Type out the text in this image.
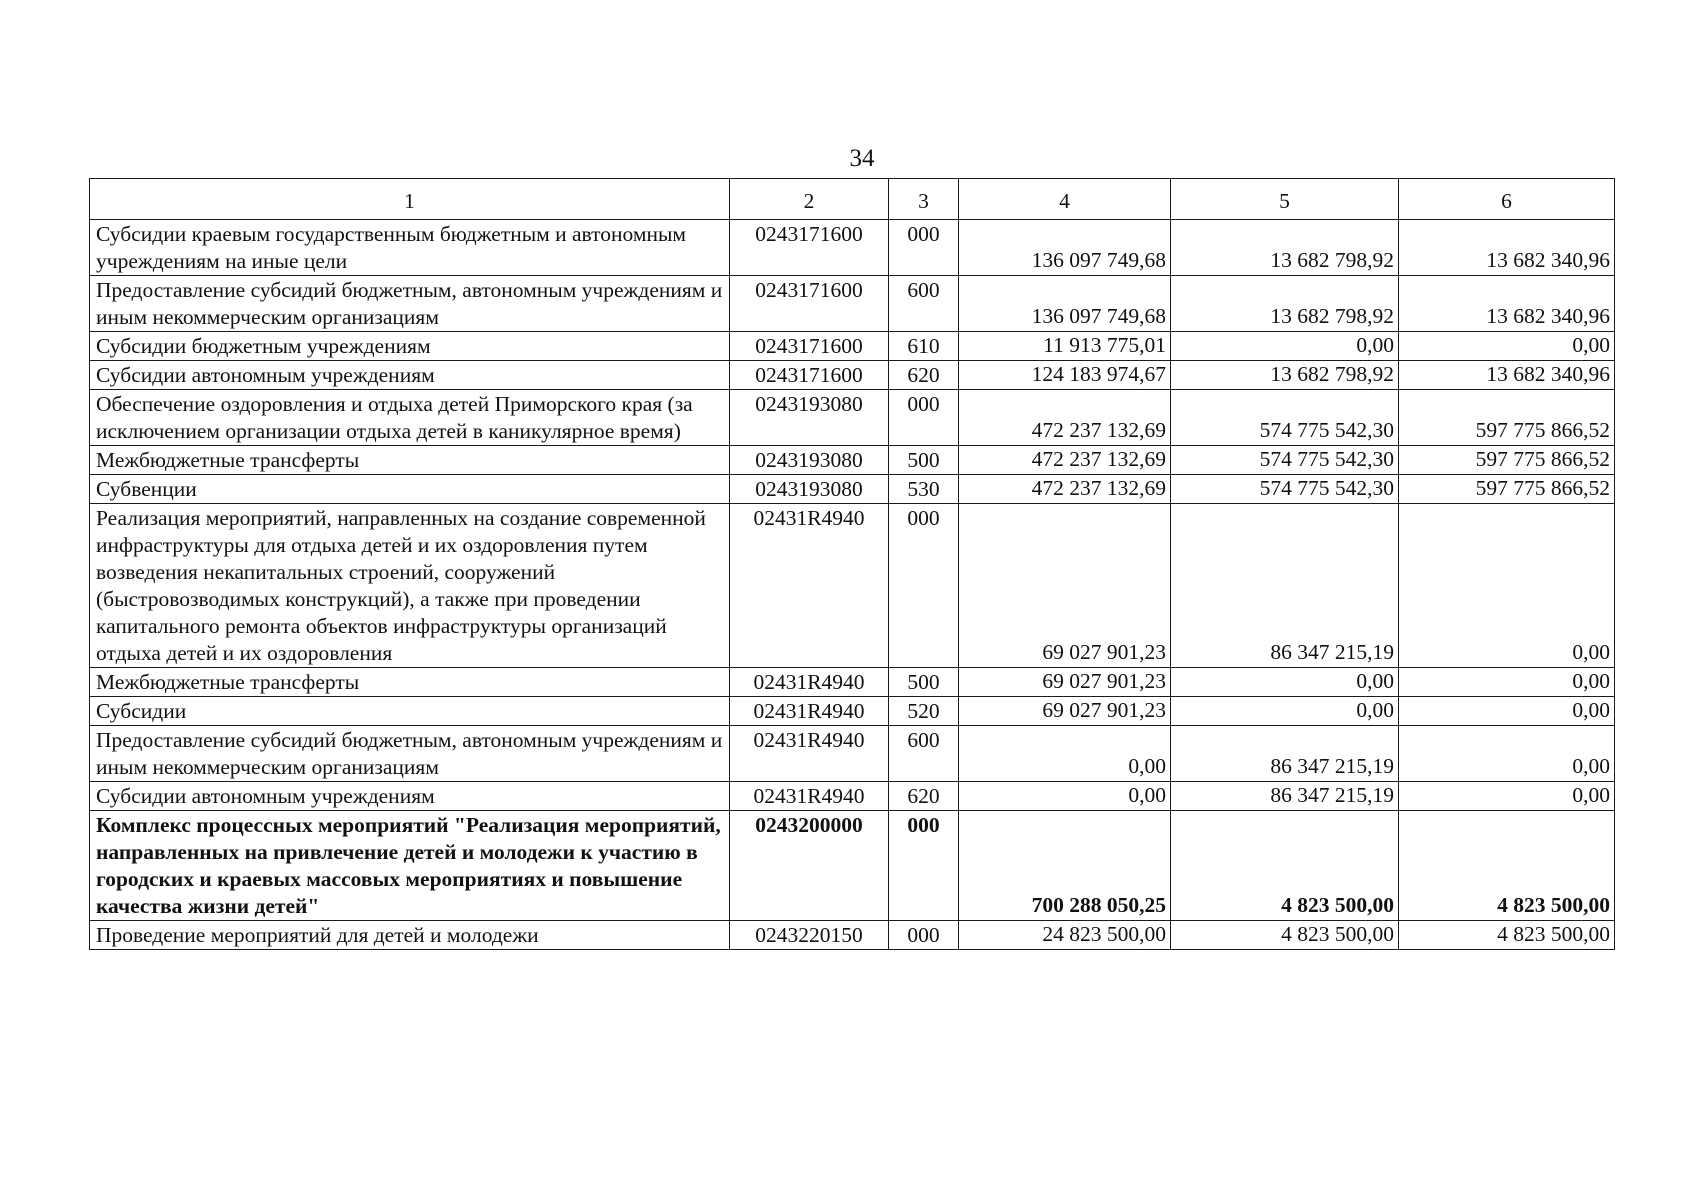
34
1	2	3	4	5	6
Субсидии краевым государственным бюджетным и автономным учреждениям на иные цели	0243171600	000	136 097 749,68	13 682 798,92	13 682 340,96
Предоставление субсидий бюджетным, автономным учреждениям и иным некоммерческим организациям	0243171600	600	136 097 749,68	13 682 798,92	13 682 340,96
Субсидии бюджетным учреждениям	0243171600	610	11 913 775,01	0,00	0,00
Субсидии автономным учреждениям	0243171600	620	124 183 974,67	13 682 798,92	13 682 340,96
Обеспечение оздоровления и отдыха детей Приморского края (за исключением организации отдыха детей в каникулярное время)	0243193080	000	472 237 132,69	574 775 542,30	597 775 866,52
Межбюджетные трансферты	0243193080	500	472 237 132,69	574 775 542,30	597 775 866,52
Субвенции	0243193080	530	472 237 132,69	574 775 542,30	597 775 866,52
Реализация мероприятий, направленных на создание современной инфраструктуры для отдыха детей и их оздоровления путем возведения некапитальных строений, сооружений (быстровозводимых конструкций), а также при проведении капитального ремонта объектов инфраструктуры организаций отдыха детей и их оздоровления	02431R4940	000	69 027 901,23	86 347 215,19	0,00
Межбюджетные трансферты	02431R4940	500	69 027 901,23	0,00	0,00
Субсидии	02431R4940	520	69 027 901,23	0,00	0,00
Предоставление субсидий бюджетным, автономным учреждениям и иным некоммерческим организациям	02431R4940	600	0,00	86 347 215,19	0,00
Субсидии автономным учреждениям	02431R4940	620	0,00	86 347 215,19	0,00
Комплекс процессных мероприятий "Реализация мероприятий, направленных на привлечение детей и молодежи к участию в городских и краевых массовых мероприятиях и повышение качества жизни детей"	0243200000	000	700 288 050,25	4 823 500,00	4 823 500,00
Проведение мероприятий для детей и молодежи	0243220150	000	24 823 500,00	4 823 500,00	4 823 500,00
